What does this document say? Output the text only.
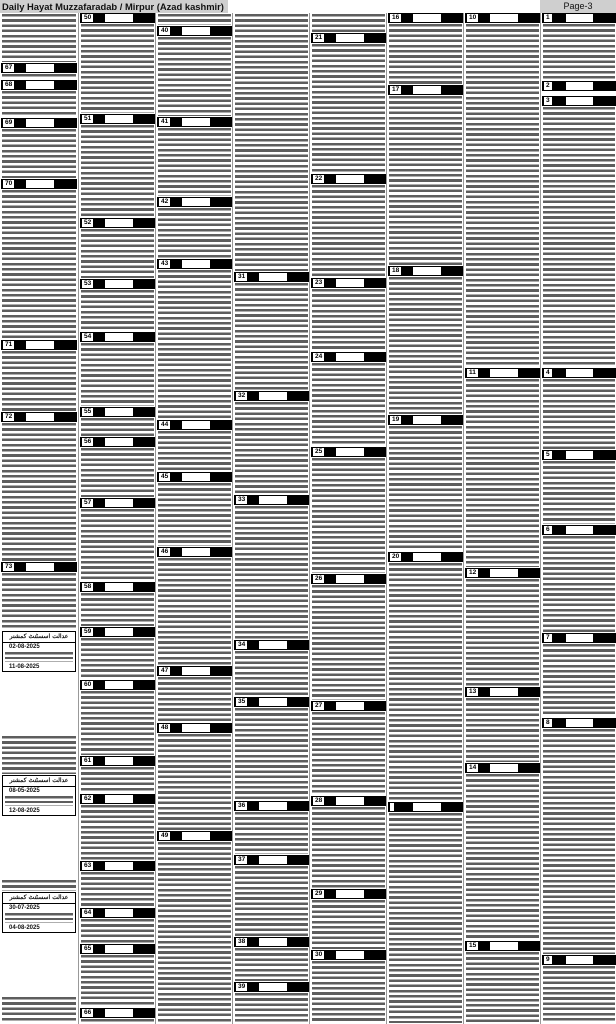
Daily Hayat Muzzafaradab / Mirpur (Azad kashmir)	Page-3
67
68
69
70
71
72
73
عدالت اسسٹنٹ کمشنر
02-08-2025
11-08-2025
عدالت اسسٹنٹ کمشنر
08-05-2025
12-08-2025
عدالت اسسٹنٹ کمشنر
30-07-2025
04-08-2025
50
51
52
53
54
55
56
57
58
59
60
61
62
63
64
65
66
40
41
42
43
44
45
46
47
48
49
31
32
33
34
35
36
37
38
39
21
22
23
24
25
26
27
28
29
30
16
17
18
19
20
10
11
12
13
14
15
1
2
3
4
5
6
7
8
9
